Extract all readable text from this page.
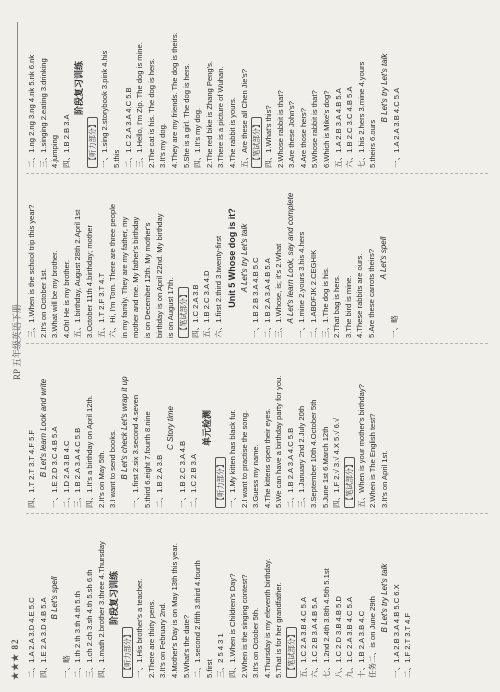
★★★ 82
RP 五年级英语下册
二、1.A 2.A 3.D 4.E 5.C 四、1.E 2.A 3.D 4.B 5.A B Let's spell
一、略 二、1.th 2.th 3.th 4.th 5.th 三、1.ch 2.ch 3.sh 4.th 5.sh 6.th 四、1.math 2.brother 3.three 4.Thursday 阶段复习训练
【听力部分】 一、1.His brother's a teacher. 2.There are thirty pens. 3.It's on February 2nd. 4.Mother's Day is on May 13th this year. 5.What's the date? 二、1.second 2.fifth 3.third 4.fourth 5.first 三、2 5 4 3 1 四、1.When is Children's Day? 2.When is the singing contest? 3.It's on October 5th. 4.Thursday is my eleventh birthday. 5.That is for her grandfather. 【笔试部分】 五、1.C 2.A 3.B 4.C 5.A 六、1.C 2.B 3.A 4.B 5.A 七、1.2nd 2.4th 3.8th 4.5th 5.1st 八、1.C 2.D 3.B 4.B 5.D 九、1.C 2.A 3.B 4.C 5.A 十、1.B 2.A 3.B 4.C 任务二、is on June 29th B Let's try Let's talk 一、1.A 2.B 3.A 4.B 5.C 6.X 二、1.F 2.T 3.T 4.F
四、1.T 2.T 3.T 4.F 5.F B Let's learn Look and write 一、1.E 2.D 3.C 4.B 5.A 二、1.D 2.A 3.B 4.C 三、1.B 2.A 3.A 4.C 5.B 四、1.It's a birthday on April 12th. 2.It's on May 5th. 3.I want to send books. B Let's check Let's wrap it up 一、1.first 2.six 3.second 4.seven 5.third 6.eight 7.fourth 8.nine 二、1.B 2.A 3.B
C Story time
一、1.B 2.C 3.A 4.B 二、1.C 2.B 3.A
单元检测
【听力部分】 一、1.My kitten has black fur. 2.I want to practise the song. 3.Guess my name. 4.The kittens open their eyes. 5.We can have a birthday party for you. 二、1.B 2.A 3.A 4.C 5.B 三、1.January 2nd 2.July 20th 3.September 10th 4.October 5th 5.June 1st 6.March 12th 四、1.F 2.√ 3.√ 4.X 5.√ 6.√ 【笔试部分】 五、When is your mother's birthday? 2.When is The English test? 3.It's on April 1st.
三、1.When is the school trip this year? 2.It's on October 1st. 3.What will be my brother. 4.Oh! He is my brother. 五、1.birthday, August 28th 2.April 1st 3.October 11th 4.birthday; mother 五、1.T 2.F 3.T 4.T 六、Hi, I'm Tom. There are three people in my family. They are my father, my mother and me. My father's birthday is on December 12th. My mother's birthday is on April 22nd. My birthday is on August 17th. 【笔试部分】 四、1.C 2.A 3.B 五、1.B 2.C 3.A 4.D 六、1.first 2.third 3.twenty-first Unit 5 Whose dog is it? A Let's try Let's talk 一、1.B 2.B 3.A 4.B 5.C 二、1.B 2.A 3.A 4.B 5.A 三、1.Whose, is; it's 2.What A Let's learn Look, say and complete 一、1.mine 2.yours 3.his 4.hers 二、1.ABDFJK 2.CEGHIK 三、1.The dog is his. 2.That bag is hers. 3.The bird is mine. 4.These rabbits are ours. 5.Are these carrots theirs? A Let's spell
一、略
二、1.ng 2.ng 3.ng 4.nk 5.nk 6.nk 三、1.singing 2.eating 3.drinking 4.jumping 四、1.B 2.B 3.A
阶段复习训练
【听力部分】 一、1.sing 2.storybook 3.pink 4.his 5.this 二、1.C 2.A 3.A 4.C 5.B 三、1.Hello, I'm Zip. The dog is mine. 2.The cat is his. The dog is hers. 3.It's my dog. 4.They are my friends. The dog is theirs. 5.She is a girl. The dog is hers. 四、1.It's my dog. 2.The red bike is Zhang Peng's. 3.There is a picture of Wuhan. 4.The rabbit is yours. 五、Are these all Chen Jie's? 【笔试部分】 四、1.What's this? 2.Whose rabbit is that? 3.Are these John's? 4.Are those hers? 5.Whose rabbit is that? 6.Which is Mike's dog? 五、1.A 2.B 3.A 4.B 5.A 六、1.B 2.C 3.C 4.B 5.A 七、1.his 2.hers 3.mine 4.yours 5.theirs 6.ours
B Let's try Let's talk 一、1.A 2.A 3.B 4.C 5.A
